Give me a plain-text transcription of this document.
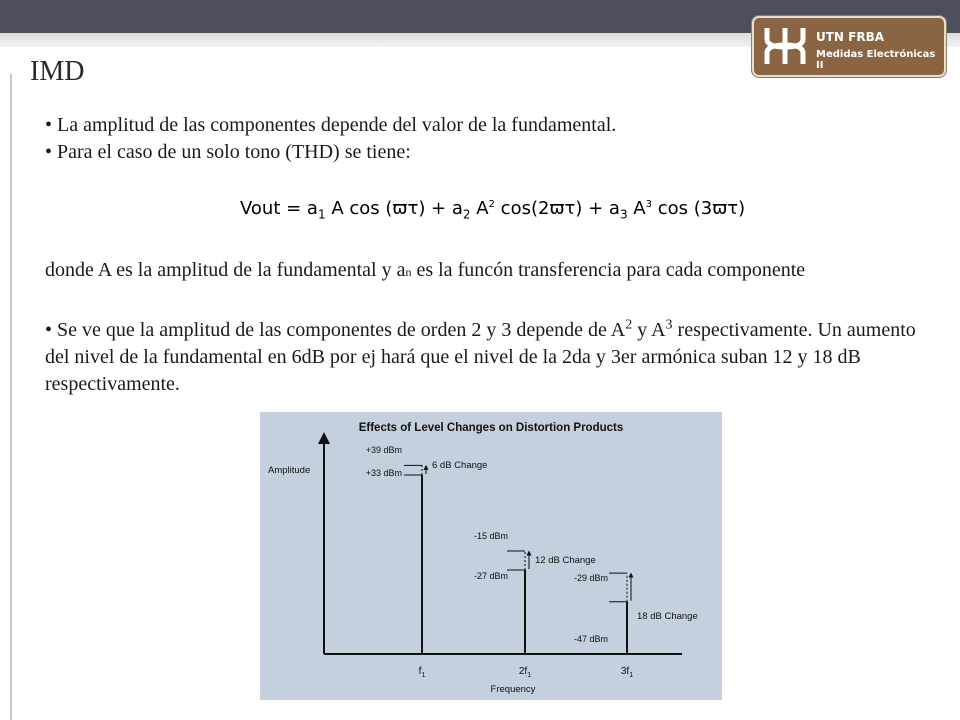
UTN FRBA
Medidas Electrónicas II
IMD

• La amplitud de las componentes depende del valor de la fundamental.

• Para el caso de un solo tono (THD) se tiene:

Vout = $a_1$ A $\cos (ϖ\tau) + a_2$ $A^2$ $\cos(2ϖ\tau) + a_3$ $A^3$ cos (3ϖτ)

donde A es la amplitud de la fundamental y an es la funcón transferencia para cada componente

• Se ve que la amplitud de las componentes de orden 2 y 3 depende de $A^2$ y $A^3$ respectivamente. Un aumento del nivel de la fundamental en 6dB por ej hará que el nivel de la 2da y 3er armónica suban 12 y 18 dB respectivamente.

Effects of Level Changes on Distortion Products
Amplitude
Frequency
$f_1$	$2f_1$	$3f_1$
+39 dBm
+33 dBm
-15 dBm
-27 dBm	-29 dBm
-47 dBm
6 dB Change
12 dB Change
18 dB Change
